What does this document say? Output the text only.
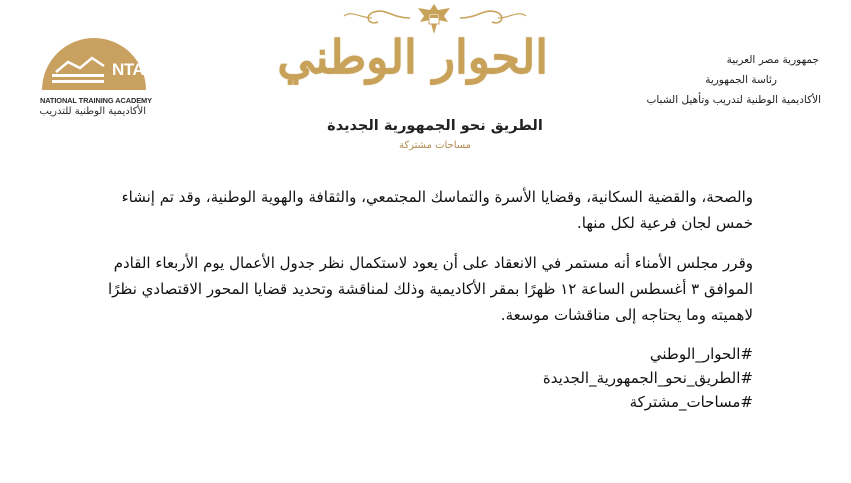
NTA
NATIONAL TRAINING ACADEMY
الأكاديمية الوطنية للتدريب
الحوار الوطني
الطريق نحو الجمهورية الجديدة
مساحات مشتركة
جمهورية مصر العربية
رئاسة الجمهورية
الأكاديمية الوطنية لتدريب وتأهيل الشباب

والصحة، والقضية السكانية، وقضايا الأسرة والتماسك المجتمعي، والثقافة والهوية الوطنية، وقد تم إنشاء خمس لجان فرعية لكل منها.

وقرر مجلس الأمناء أنه مستمر في الانعقاد على أن يعود لاستكمال نظر جدول الأعمال يوم الأربعاء القادم الموافق ٣ أغسطس الساعة ١٢ ظهرًا بمقر الأكاديمية وذلك لمناقشة وتحديد قضايا المحور الاقتصادي نظرًا لاهميته وما يحتاجه إلى مناقشات موسعة.

#الحوار_الوطني
#الطريق_نحو_الجمهورية_الجديدة
#مساحات_مشتركة
